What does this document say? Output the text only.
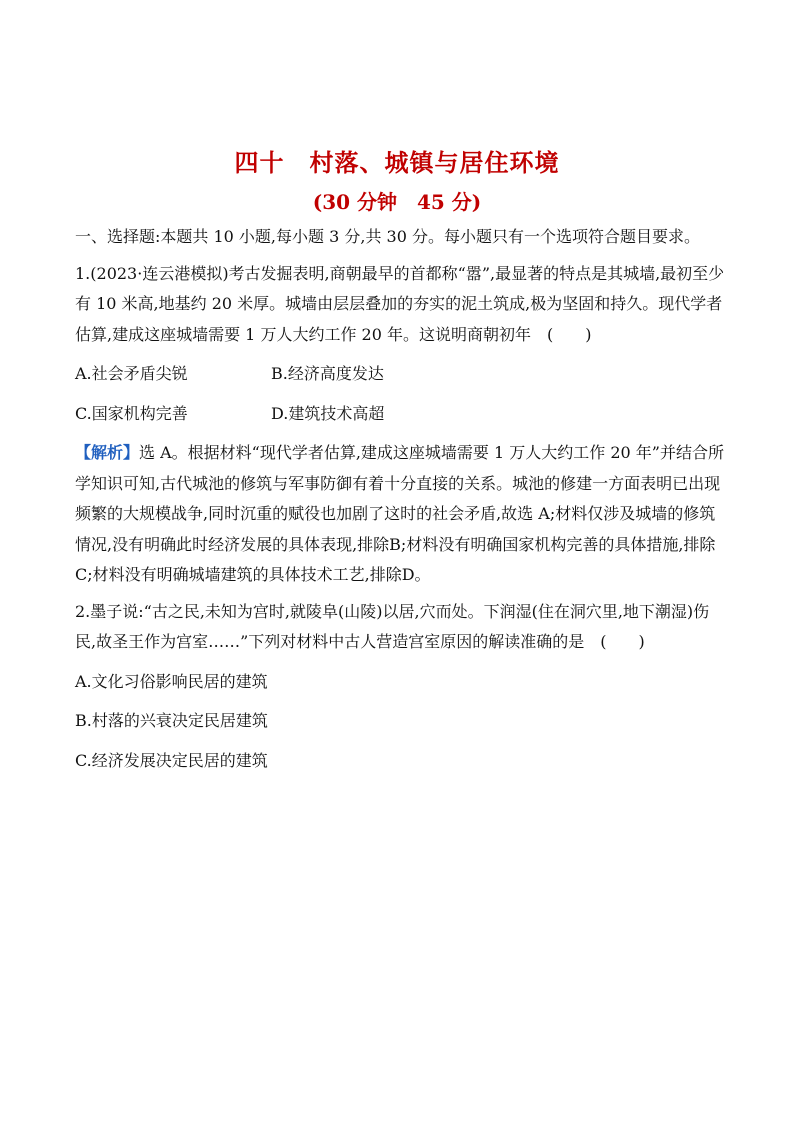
四十　村落、城镇与居住环境
(30 分钟　45 分)

一、选择题:本题共 10 小题,每小题 3 分,共 30 分。每小题只有一个选项符合题目要求。

1.(2023·连云港模拟)考古发掘表明,商朝最早的首都称“嚣”,最显著的特点是其城墙,最初至少有 10 米高,地基约 20 米厚。城墙由层层叠加的夯实的泥土筑成,极为坚固和持久。现代学者估算,建成这座城墙需要 1 万人大约工作 20 年。这说明商朝初年　(　　)

A.社会矛盾尖锐	B.经济高度发达
C.国家机构完善	D.建筑技术高超

【解析】选 A。根据材料“现代学者估算,建成这座城墙需要 1 万人大约工作 20 年”并结合所学知识可知,古代城池的修筑与军事防御有着十分直接的关系。城池的修建一方面表明已出现频繁的大规模战争,同时沉重的赋役也加剧了这时的社会矛盾,故选 A;材料仅涉及城墙的修筑情况,没有明确此时经济发展的具体表现,排除B;材料没有明确国家机构完善的具体措施,排除C;材料没有明确城墙建筑的具体技术工艺,排除D。

2.墨子说:“古之民,未知为宫时,就陵阜(山陵)以居,穴而处。下润湿(住在洞穴里,地下潮湿)伤民,故圣王作为宫室……”下列对材料中古人营造宫室原因的解读准确的是　(　　)

A.文化习俗影响民居的建筑

B.村落的兴衰决定民居建筑

C.经济发展决定民居的建筑
